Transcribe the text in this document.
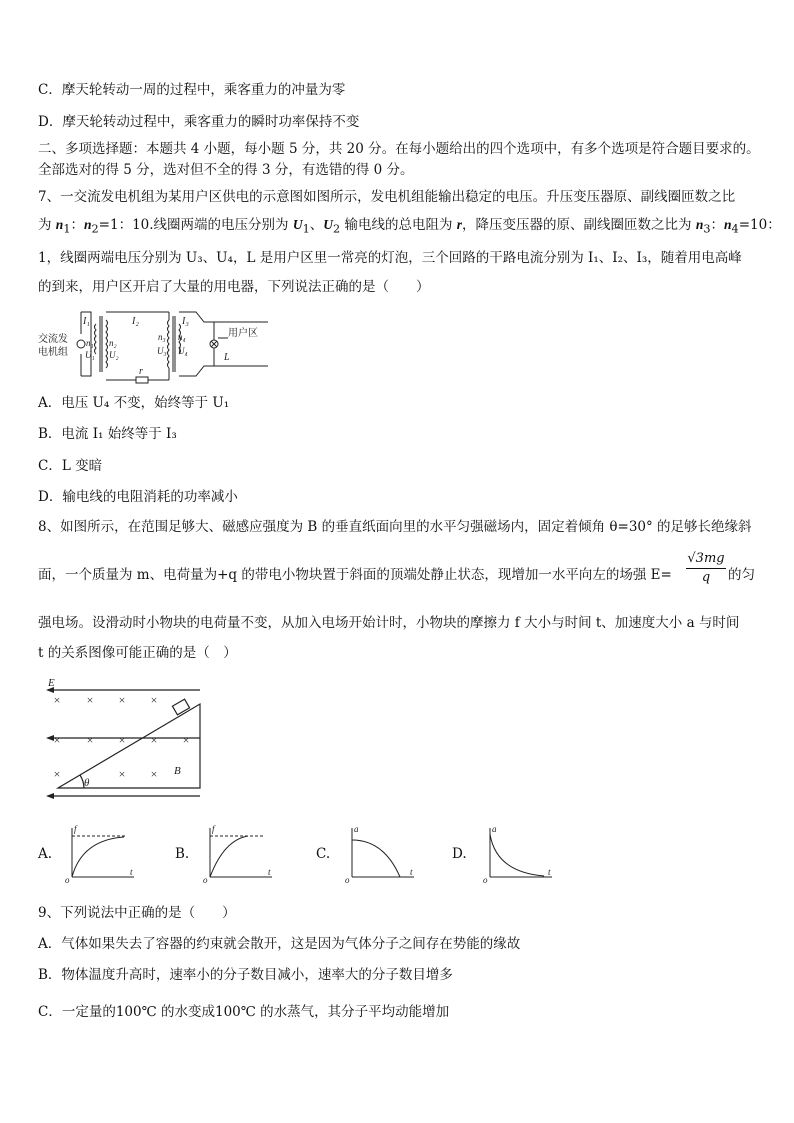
C．摩天轮转动一周的过程中，乘客重力的冲量为零
D．摩天轮转动过程中，乘客重力的瞬时功率保持不变
二、多项选择题：本题共 4 小题，每小题 5 分，共 20 分。在每小题给出的四个选项中，有多个选项是符合题目要求的。
全部选对的得 5 分，选对但不全的得 3 分，有选错的得 0 分。
7、一交流发电机组为某用户区供电的示意图如图所示，发电机组能输出稳定的电压。升压变压器原、副线圈匝数之比
为 $n_1$：$n_2=1$：10.线圈两端的电压分别为 $U_1$、$U_2$ 输电线的总电阻为 r，降压变压器的原、副线圈匝数之比为 $n_3$：$n_4=10$：
1，线圈两端电压分别为 U₃、U₄，L 是用户区里一常亮的灯泡，三个回路的干路电流分别为 I₁、I₂、I₃，随着用电高峰
的到来，用户区开启了大量的用电器，下列说法正确的是（　　）
交流发
电机组
I₁
n₁
U₁
n₂
U₂
I₂
r
I₃
n₃
U₃
n₄
U₄
用户区
L
A．电压 U₄ 不变，始终等于 U₁
B．电流 I₁ 始终等于 I₃
C．L 变暗
D．输电线的电阻消耗的功率减小
8、如图所示，在范围足够大、磁感应强度为 B 的垂直纸面向里的水平匀强磁场内，固定着倾角 θ=30° 的足够长绝缘斜
面，一个质量为 m、电荷量为+q 的带电小物块置于斜面的顶端处静止状态，现增加一水平向左的场强 E=
√3mg
q	的匀
强电场。设滑动时小物块的电荷量不变，从加入电场开始计时，小物块的摩擦力 f 大小与时间 t、加速度大小 a 与时间
t 的关系图像可能正确的是（　）
× × × ×
× × × × ×
×	× ×
E
B
θ
A.
f
t
o
B.
f
t
o
C.
a
t
o
D.
a
t
o
9、下列说法中正确的是（　　）
A．气体如果失去了容器的约束就会散开，这是因为气体分子之间存在势能的缘故
B．物体温度升高时，速率小的分子数目减小，速率大的分子数目增多
C．一定量的100℃ 的水变成100℃ 的水蒸气，其分子平均动能增加
